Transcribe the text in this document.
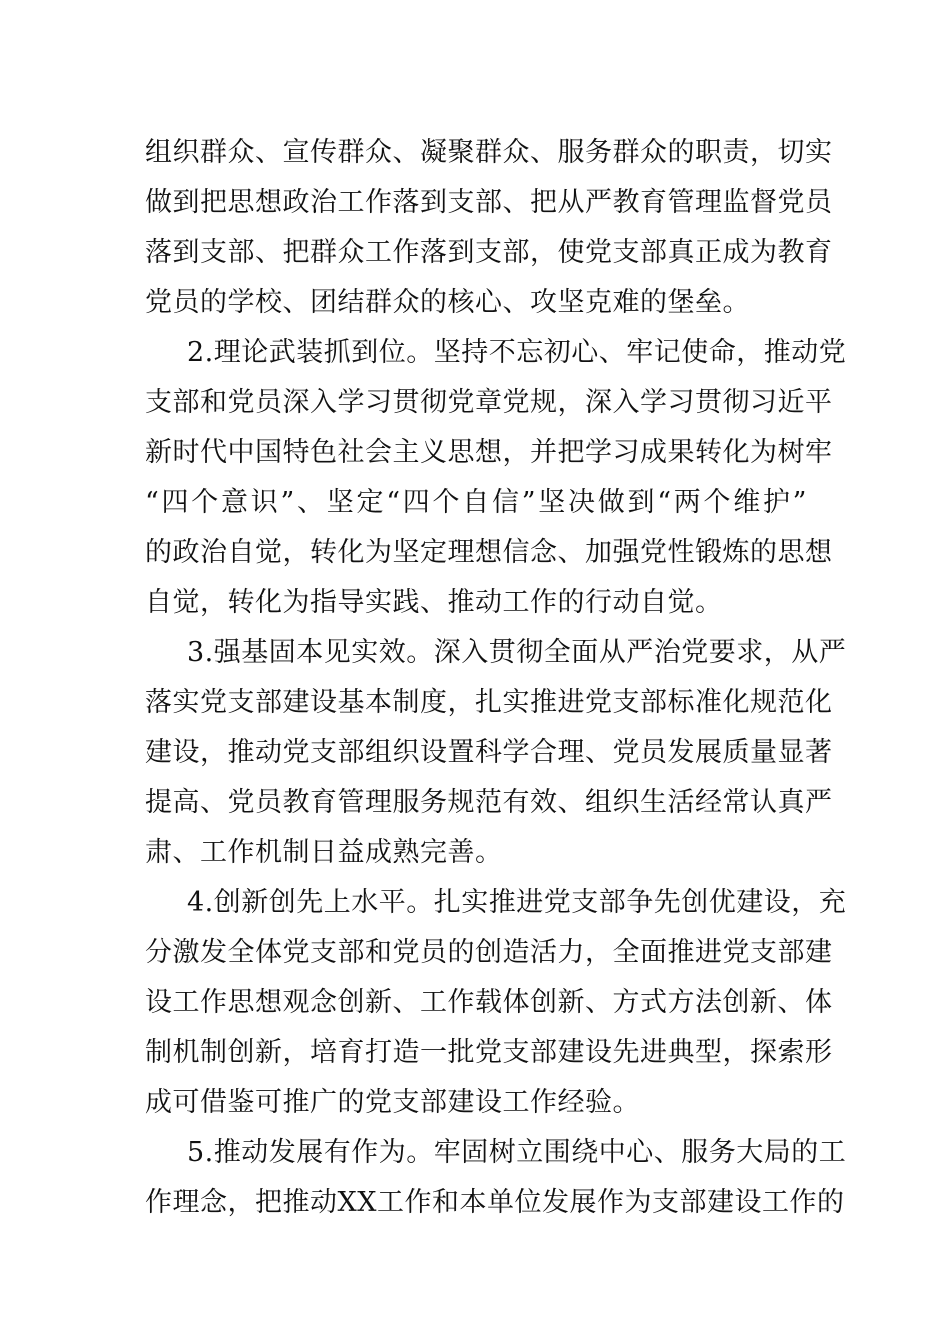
组织群众、宣传群众、凝聚群众、服务群众的职责，切实
做到把思想政治工作落到支部、把从严教育管理监督党员
落到支部、把群众工作落到支部，使党支部真正成为教育
党员的学校、团结群众的核心、攻坚克难的堡垒。
2.理论武装抓到位。坚持不忘初心、牢记使命，推动党
支部和党员深入学习贯彻党章党规，深入学习贯彻习近平
新时代中国特色社会主义思想，并把学习成果转化为树牢
“四个意识”、坚定“四个自信”坚决做到“两个维护”
的政治自觉，转化为坚定理想信念、加强党性锻炼的思想
自觉，转化为指导实践、推动工作的行动自觉。
3.强基固本见实效。深入贯彻全面从严治党要求，从严
落实党支部建设基本制度，扎实推进党支部标准化规范化
建设，推动党支部组织设置科学合理、党员发展质量显著
提高、党员教育管理服务规范有效、组织生活经常认真严
肃、工作机制日益成熟完善。
4.创新创先上水平。扎实推进党支部争先创优建设，充
分激发全体党支部和党员的创造活力，全面推进党支部建
设工作思想观念创新、工作载体创新、方式方法创新、体
制机制创新，培育打造一批党支部建设先进典型，探索形
成可借鉴可推广的党支部建设工作经验。
5.推动发展有作为。牢固树立围绕中心、服务大局的工
作理念，把推动XX工作和本单位发展作为支部建设工作的
